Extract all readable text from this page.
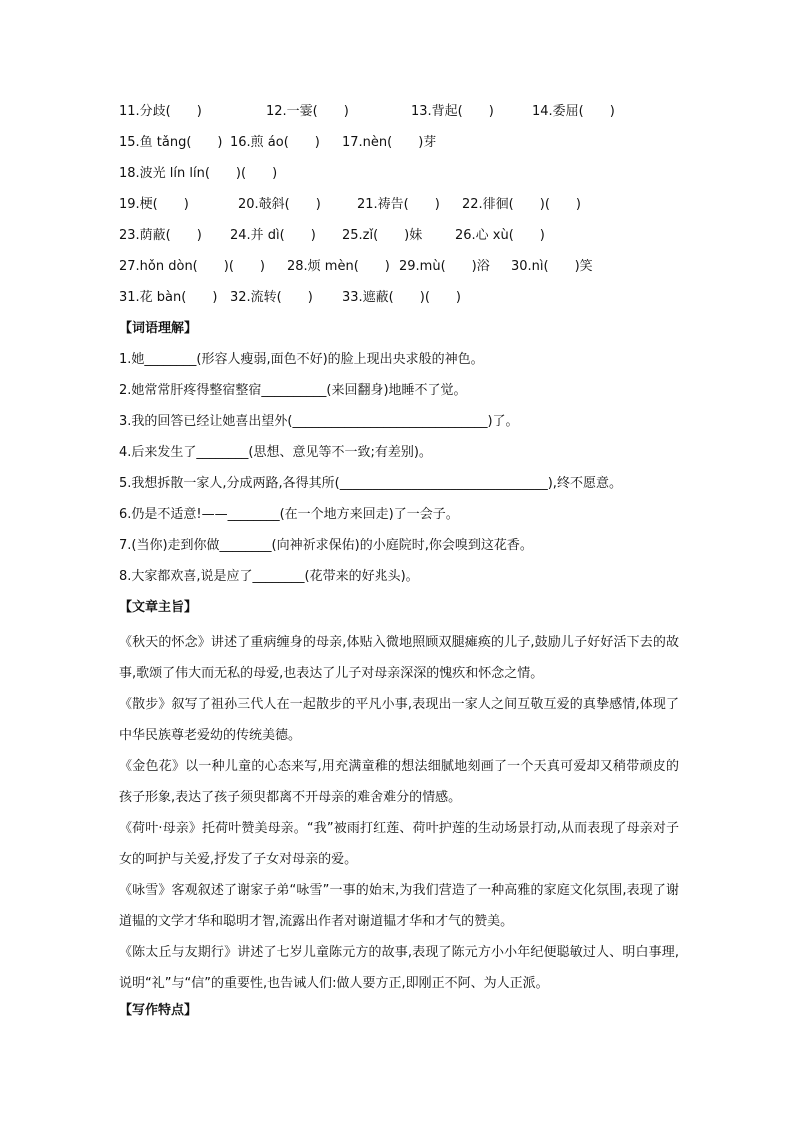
11.分歧(　　)	12.一霎(　　)	13.背起(　　)	14.委屈(　　)
15.鱼 tǎng(　　) 16.煎 áo(　　) 17.nèn(　　)芽
18.波光 lín lín(　　)(　　)
19.梗(　　)	20.攲斜(　　)	21.祷告(　　) 22.徘徊(　　)(　　)
23.荫蔽(　　) 24.并 dì(　　) 25.zǐ(　　)妹	26.心 xù(　　)
27.hǒn dòn(　　)(　　) 28.烦 mèn(　　) 29.mù(　　)浴 30.nì(　　)笑
31.花 bàn(　　) 32.流转(　　) 33.遮蔽(　　)(　　)
【词语理解】
1.她________(形容人瘦弱,面色不好)的脸上现出央求般的神色。
2.她常常肝疼得整宿整宿__________(来回翻身)地睡不了觉。
3.我的回答已经让她喜出望外(______________________________)了。
4.后来发生了________(思想、意见等不一致;有差别)。
5.我想拆散一家人,分成两路,各得其所(________________________________),终不愿意。
6.仍是不适意!——________(在一个地方来回走)了一会子。
7.(当你)走到你做________(向神祈求保佑)的小庭院时,你会嗅到这花香。
8.大家都欢喜,说是应了________(花带来的好兆头)。
【文章主旨】
《秋天的怀念》讲述了重病缠身的母亲,体贴入微地照顾双腿瘫痪的儿子,鼓励儿子好好活下去的故事,歌颂了伟大而无私的母爱,也表达了儿子对母亲深深的愧疚和怀念之情。
《散步》叙写了祖孙三代人在一起散步的平凡小事,表现出一家人之间互敬互爱的真挚感情,体现了中华民族尊老爱幼的传统美德。
《金色花》以一种儿童的心态来写,用充满童稚的想法细腻地刻画了一个天真可爱却又稍带顽皮的孩子形象,表达了孩子须臾都离不开母亲的难舍难分的情感。
《荷叶·母亲》托荷叶赞美母亲。“我”被雨打红莲、荷叶护莲的生动场景打动,从而表现了母亲对子女的呵护与关爱,抒发了子女对母亲的爱。
《咏雪》客观叙述了谢家子弟“咏雪”一事的始末,为我们营造了一种高雅的家庭文化氛围,表现了谢道韫的文学才华和聪明才智,流露出作者对谢道韫才华和才气的赞美。
《陈太丘与友期行》讲述了七岁儿童陈元方的故事,表现了陈元方小小年纪便聪敏过人、明白事理,说明“礼”与“信”的重要性,也告诫人们:做人要方正,即刚正不阿、为人正派。
【写作特点】
